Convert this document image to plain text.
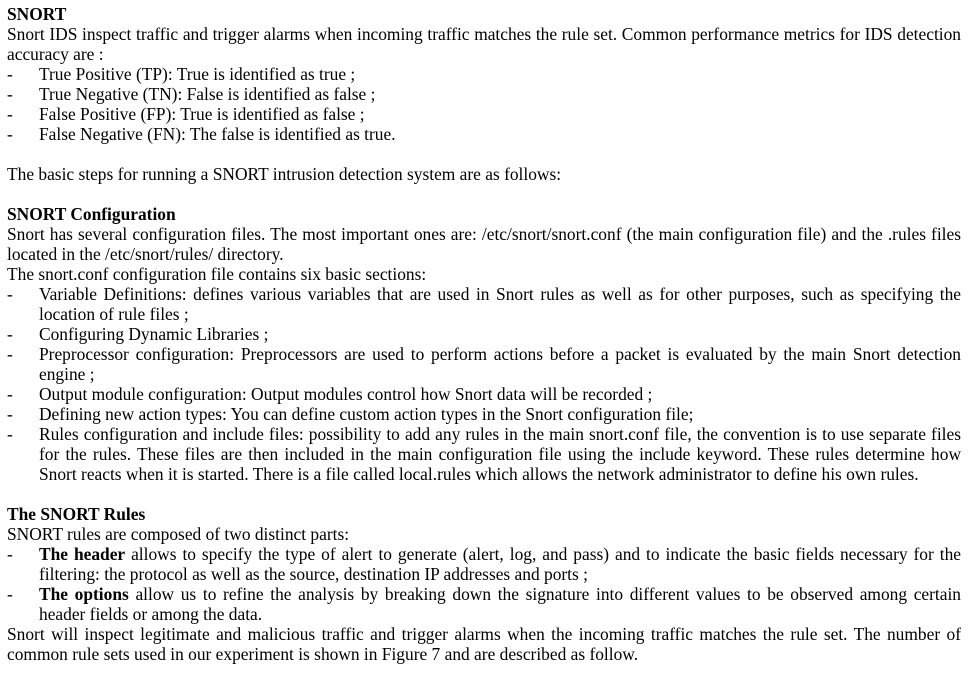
SNORT

Snort IDS inspect traffic and trigger alarms when incoming traffic matches the rule set. Common performance metrics for IDS detection accuracy are :

- True Positive (TP): True is identified as true ;
- True Negative (TN): False is identified as false ;
- False Positive (FP): True is identified as false ;
- False Negative (FN): The false is identified as true.

The basic steps for running a SNORT intrusion detection system are as follows:

SNORT Configuration

Snort has several configuration files. The most important ones are: /etc/snort/snort.conf (the main configuration file) and the .rules files located in the /etc/snort/rules/ directory.

The snort.conf configuration file contains six basic sections:

- Variable Definitions: defines various variables that are used in Snort rules as well as for other purposes, such as specifying the location of rule files ;
- Configuring Dynamic Libraries ;
- Preprocessor configuration: Preprocessors are used to perform actions before a packet is evaluated by the main Snort detection engine ;
- Output module configuration: Output modules control how Snort data will be recorded ;
- Defining new action types: You can define custom action types in the Snort configuration file;
- Rules configuration and include files: possibility to add any rules in the main snort.conf file, the convention is to use separate files for the rules. These files are then included in the main configuration file using the include keyword. These rules determine how Snort reacts when it is started. There is a file called local.rules which allows the network administrator to define his own rules.

The SNORT Rules

SNORT rules are composed of two distinct parts:

- The header allows to specify the type of alert to generate (alert, log, and pass) and to indicate the basic fields necessary for the filtering: the protocol as well as the source, destination IP addresses and ports ;
- The options allow us to refine the analysis by breaking down the signature into different values to be observed among certain header fields or among the data.

Snort will inspect legitimate and malicious traffic and trigger alarms when the incoming traffic matches the rule set. The number of common rule sets used in our experiment is shown in Figure 7 and are described as follow.
